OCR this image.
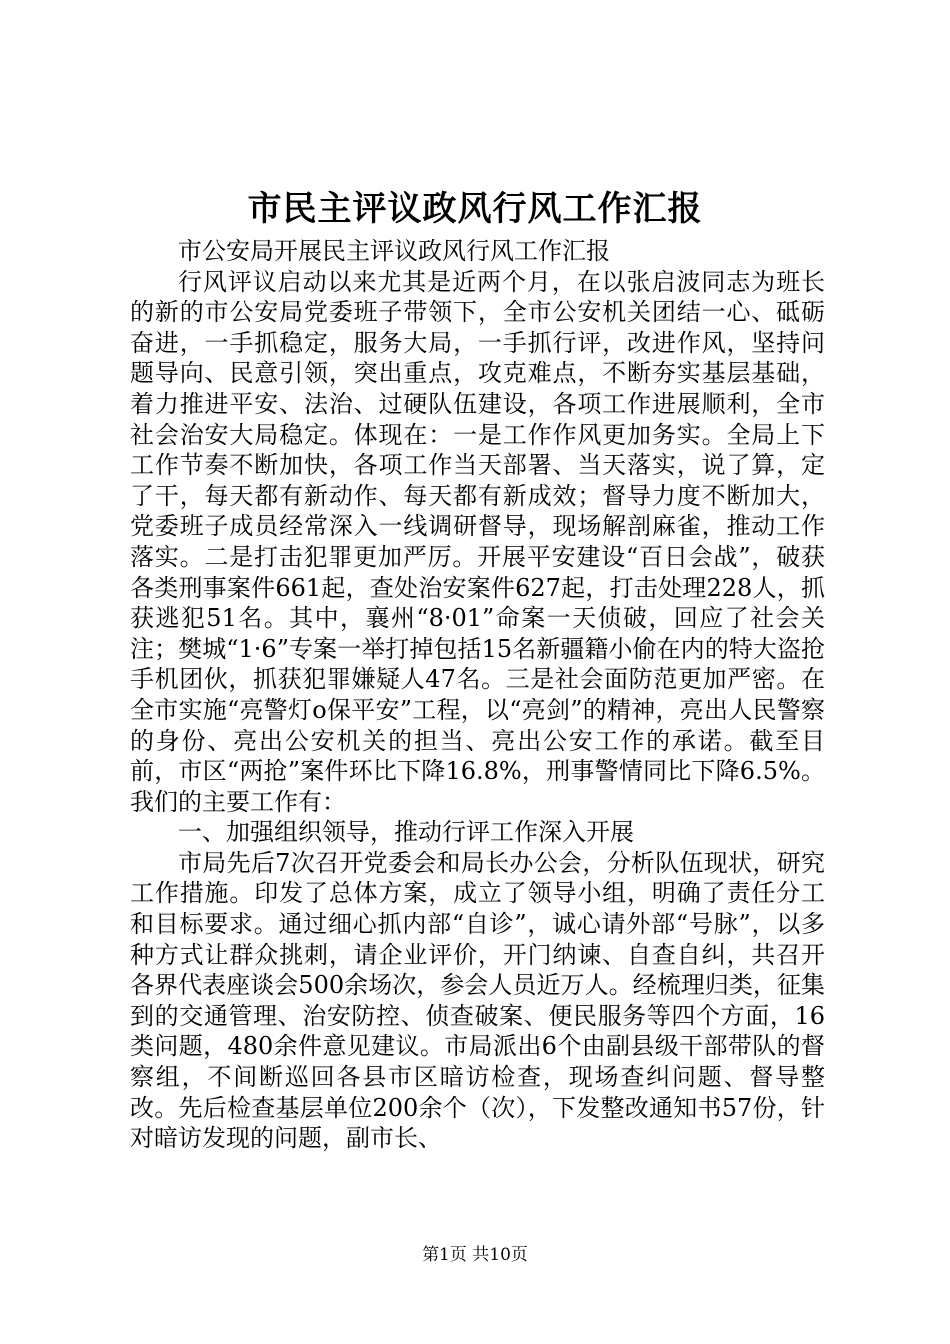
市民主评议政风行风工作汇报

市公安局开展民主评议政风行风工作汇报

行风评议启动以来尤其是近两个月，在以张启波同志为班长的新的市公安局党委班子带领下，全市公安机关团结一心、砥砺奋进，一手抓稳定，服务大局，一手抓行评，改进作风，坚持问题导向、民意引领，突出重点，攻克难点，不断夯实基层基础，着力推进平安、法治、过硬队伍建设，各项工作进展顺利，全市社会治安大局稳定。体现在：一是工作作风更加务实。全局上下工作节奏不断加快，各项工作当天部署、当天落实，说了算，定了干，每天都有新动作、每天都有新成效；督导力度不断加大，党委班子成员经常深入一线调研督导，现场解剖麻雀，推动工作落实。二是打击犯罪更加严厉。开展平安建设“百日会战”，破获各类刑事案件661起，查处治安案件627起，打击处理228人，抓获逃犯51名。其中，襄州“8·01”命案一天侦破，回应了社会关注；樊城“1·6”专案一举打掉包括15名新疆籍小偷在内的特大盗抢手机团伙，抓获犯罪嫌疑人47名。三是社会面防范更加严密。在全市实施“亮警灯o保平安”工程，以“亮剑”的精神，亮出人民警察的身份、亮出公安机关的担当、亮出公安工作的承诺。截至目前，市区“两抢”案件环比下降16.8%，刑事警情同比下降6.5%。我们的主要工作有：

一、加强组织领导，推动行评工作深入开展

市局先后7次召开党委会和局长办公会，分析队伍现状，研究工作措施。印发了总体方案，成立了领导小组，明确了责任分工和目标要求。通过细心抓内部“自诊”，诚心请外部“号脉”，以多种方式让群众挑刺，请企业评价，开门纳谏、自查自纠，共召开各界代表座谈会500余场次，参会人员近万人。经梳理归类，征集到的交通管理、治安防控、侦查破案、便民服务等四个方面，16类问题，480余件意见建议。市局派出6个由副县级干部带队的督察组，不间断巡回各县市区暗访检查，现场查纠问题、督导整改。先后检查基层单位200余个（次），下发整改通知书57份，针对暗访发现的问题，副市长、

第1页 共10页
